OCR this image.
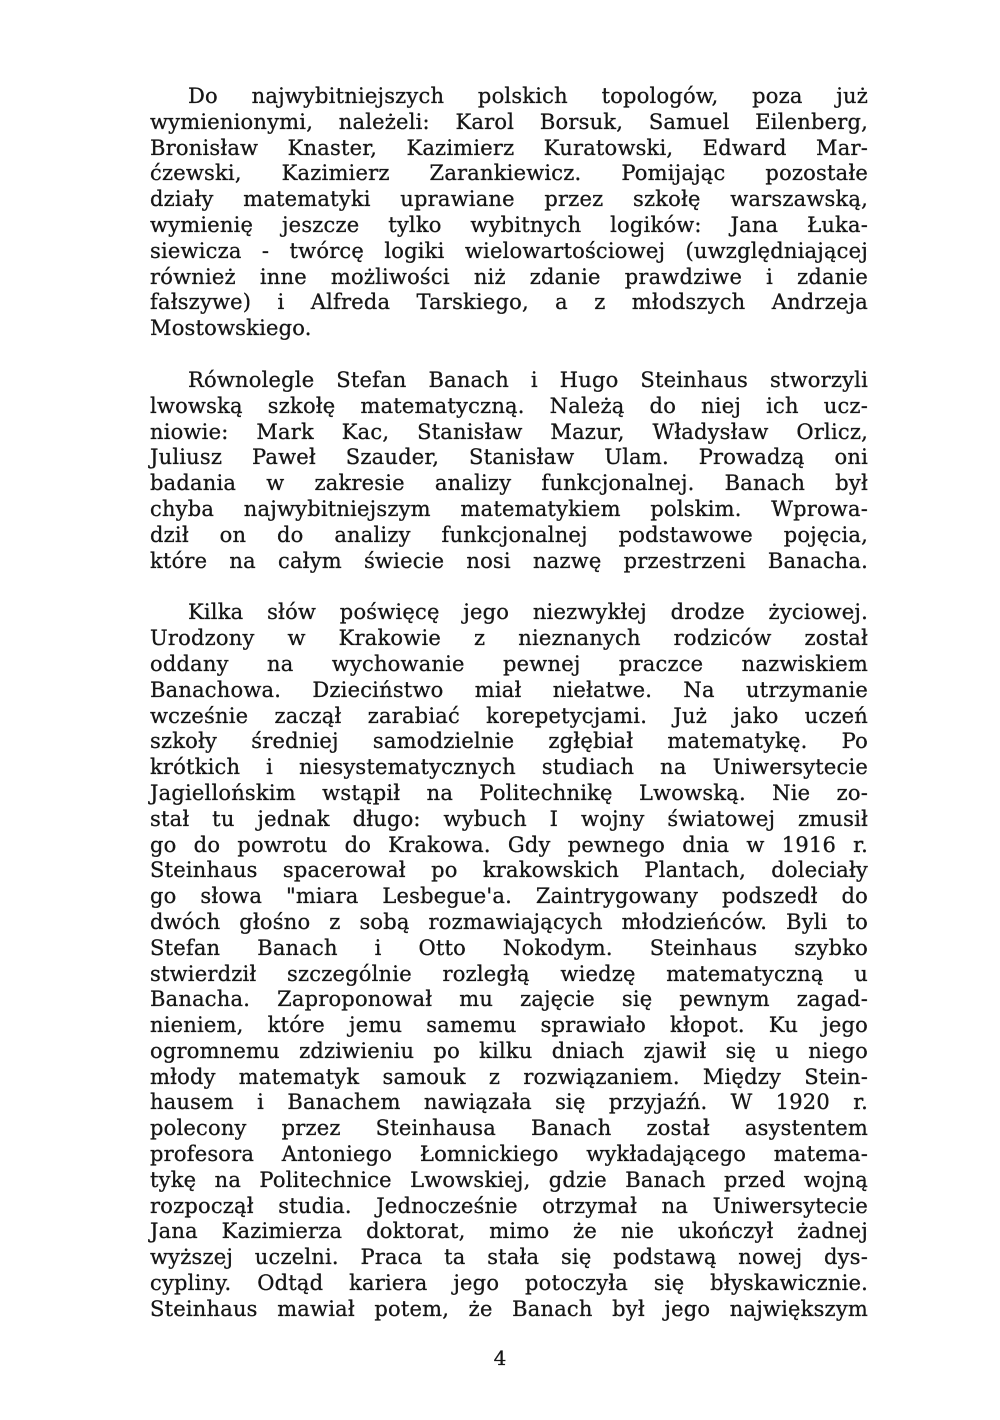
Do najwybitniejszych polskich topologów, poza już
wymienionymi, należeli: Karol Borsuk, Samuel Eilenberg,
Bronisław Knaster, Kazimierz Kuratowski, Edward Mar-
ćzewski, Kazimierz Zarankiewicz. Pomijając pozostałe
działy matematyki uprawiane przez szkołę warszawską,
wymienię jeszcze tylko wybitnych logików: Jana Łuka-
siewicza - twórcę logiki wielowartościowej (uwzględniającej
również inne możliwości niż zdanie prawdziwe i zdanie
fałszywe) i Alfreda Tarskiego, a z młodszych Andrzeja
Mostowskiego.
Równolegle Stefan Banach i Hugo Steinhaus stworzyli
lwowską szkołę matematyczną. Należą do niej ich ucz-
niowie: Mark Kac, Stanisław Mazur, Władysław Orlicz,
Juliusz Paweł Szauder, Stanisław Ulam. Prowadzą oni
badania w zakresie analizy funkcjonalnej. Banach był
chyba najwybitniejszym matematykiem polskim. Wprowa-
dził on do analizy funkcjonalnej podstawowe pojęcia,
które na całym świecie nosi nazwę przestrzeni Banacha.
Kilka słów poświęcę jego niezwykłej drodze życiowej.
Urodzony w Krakowie z nieznanych rodziców został
oddany na wychowanie pewnej praczce nazwiskiem
Banachowa. Dzieciństwo miał niełatwe. Na utrzymanie
wcześnie zaczął zarabiać korepetycjami. Już jako uczeń
szkoły średniej samodzielnie zgłębiał matematykę. Po
krótkich i niesystematycznych studiach na Uniwersytecie
Jagiellońskim wstąpił na Politechnikę Lwowską. Nie zo-
stał tu jednak długo: wybuch I wojny światowej zmusił
go do powrotu do Krakowa. Gdy pewnego dnia w 1916 r.
Steinhaus spacerował po krakowskich Plantach, doleciały
go słowa "miara Lesbegue'a. Zaintrygowany podszedł do
dwóch głośno z sobą rozmawiających młodzieńców. Byli to
Stefan Banach i Otto Nokodym. Steinhaus szybko
stwierdził szczególnie rozległą wiedzę matematyczną u
Banacha. Zaproponował mu zajęcie się pewnym zagad-
nieniem, które jemu samemu sprawiało kłopot. Ku jego
ogromnemu zdziwieniu po kilku dniach zjawił się u niego
młody matematyk samouk z rozwiązaniem. Między Stein-
hausem i Banachem nawiązała się przyjaźń. W 1920 r.
polecony przez Steinhausa Banach został asystentem
profesora Antoniego Łomnickiego wykładającego matema-
tykę na Politechnice Lwowskiej, gdzie Banach przed wojną
rozpoczął studia. Jednocześnie otrzymał na Uniwersytecie
Jana Kazimierza doktorat, mimo że nie ukończył żadnej
wyższej uczelni. Praca ta stała się podstawą nowej dys-
cypliny. Odtąd kariera jego potoczyła się błyskawicznie.
Steinhaus mawiał potem, że Banach był jego największym
4
